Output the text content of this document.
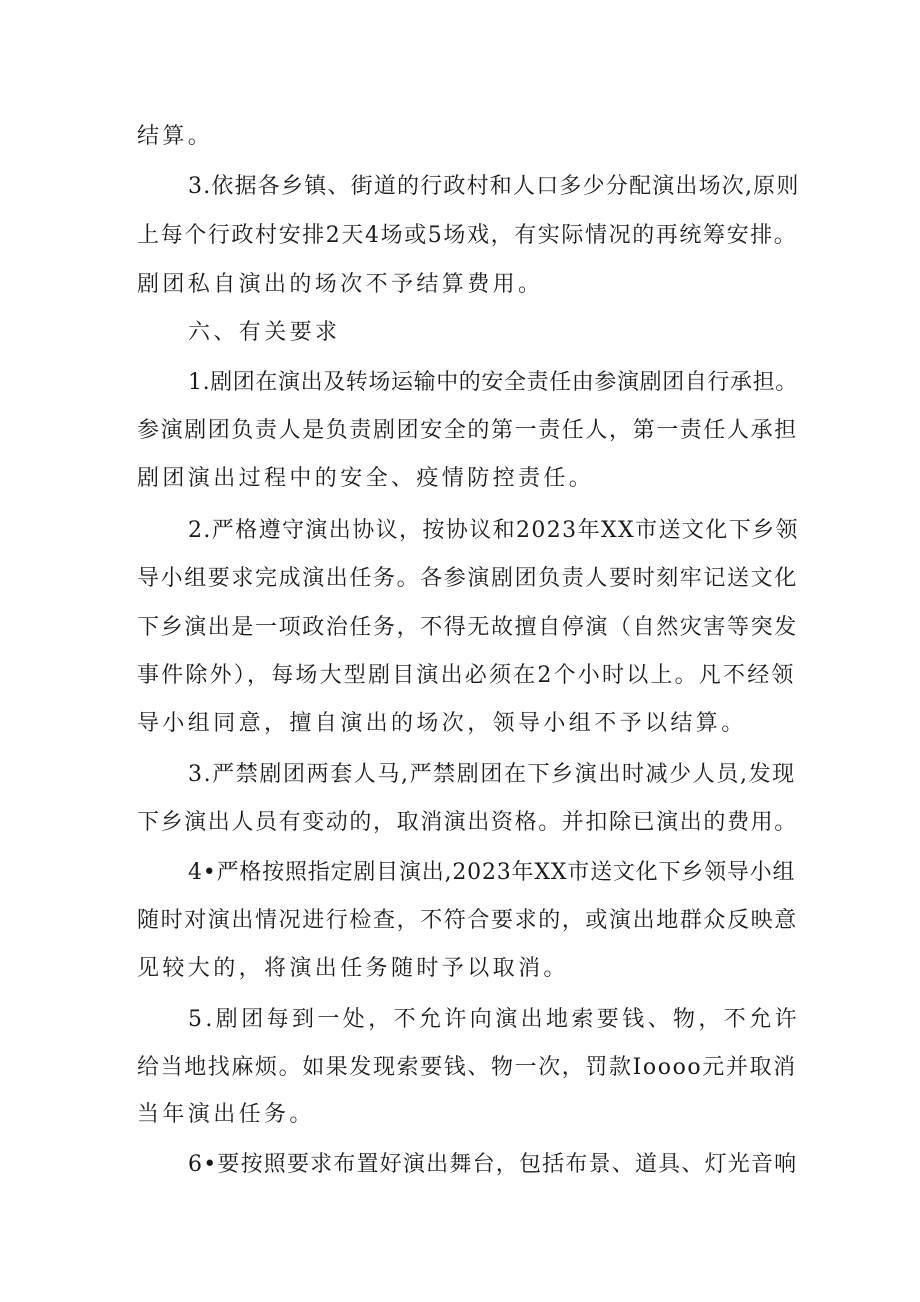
结算。
3.依据各乡镇、街道的行政村和人口多少分配演出场次,原则
上每个行政村安排2天4场或5场戏，有实际情况的再统筹安排。
剧团私自演出的场次不予结算费用。
六、有关要求
1.剧团在演出及转场运输中的安全责任由参演剧团自行承担。
参演剧团负责人是负责剧团安全的第一责任人，第一责任人承担
剧团演出过程中的安全、疫情防控责任。
2.严格遵守演出协议，按协议和2023年XX市送文化下乡领
导小组要求完成演出任务。各参演剧团负责人要时刻牢记送文化
下乡演出是一项政治任务，不得无故擅自停演（自然灾害等突发
事件除外），每场大型剧目演出必须在2个小时以上。凡不经领
导小组同意，擅自演出的场次，领导小组不予以结算。
3.严禁剧团两套人马,严禁剧团在下乡演出时减少人员,发现
下乡演出人员有变动的，取消演出资格。并扣除已演出的费用。
4•严格按照指定剧目演出,2023年XX市送文化下乡领导小组
随时对演出情况进行检查，不符合要求的，或演出地群众反映意
见较大的，将演出任务随时予以取消。
5.剧团每到一处，不允许向演出地索要钱、物，不允许
给当地找麻烦。如果发现索要钱、物一次，罚款Ioooo元并取消
当年演出任务。
6•要按照要求布置好演出舞台，包括布景、道具、灯光音响
